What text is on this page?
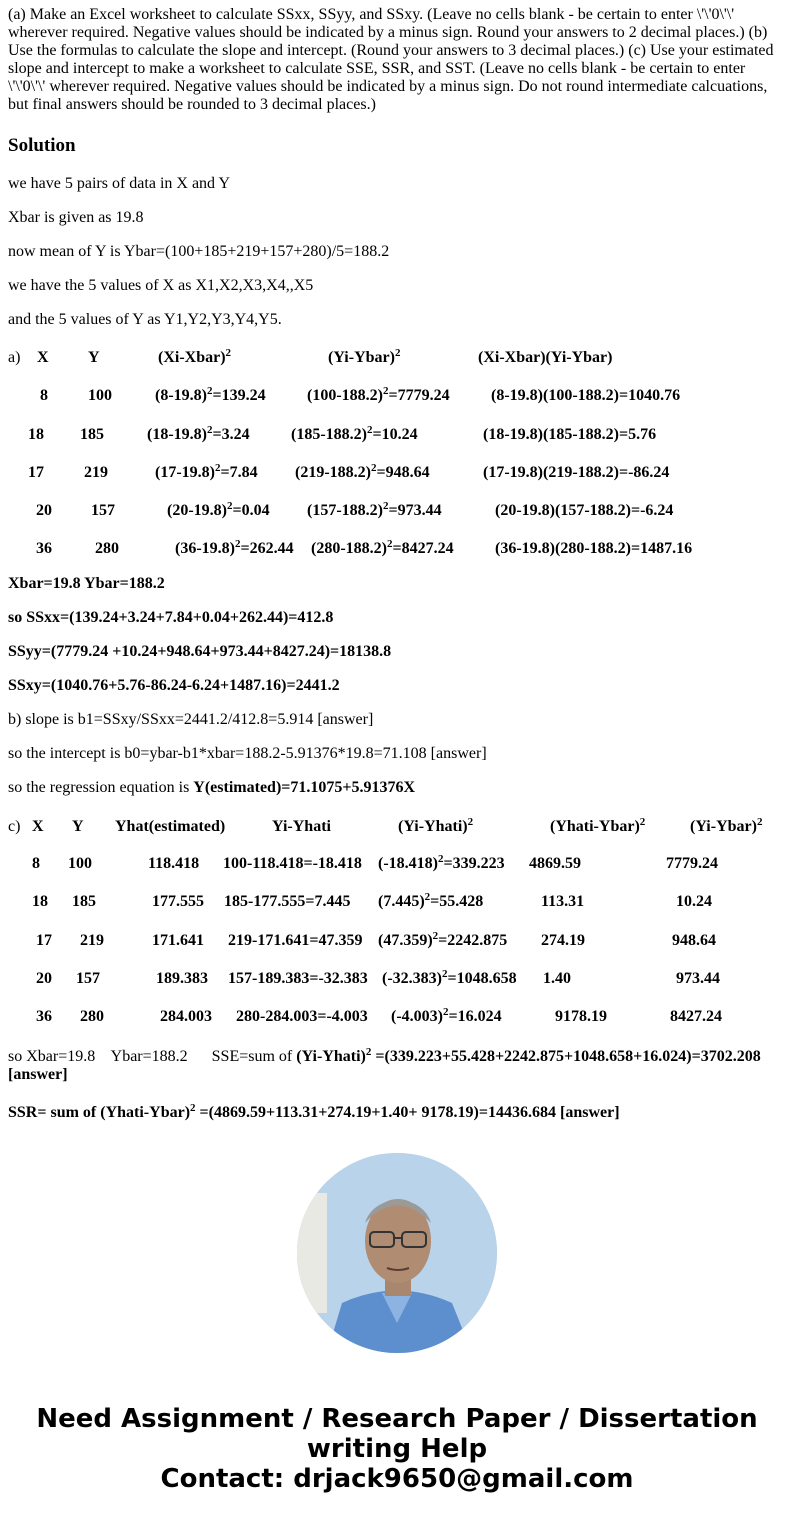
(a) Make an Excel worksheet to calculate SSxx, SSyy, and SSxy. (Leave no cells blank - be certain to enter \'\'0\'\' wherever required. Negative values should be indicated by a minus sign. Round your answers to 2 decimal places.) (b) Use the formulas to calculate the slope and intercept. (Round your answers to 3 decimal places.) (c) Use your estimated slope and intercept to make a worksheet to calculate SSE, SSR, and SST. (Leave no cells blank - be certain to enter \'\'0\'\' wherever required. Negative values should be indicated by a minus sign. Do not round intermediate calcuations, but final answers should be rounded to 3 decimal places.)

Solution

we have 5 pairs of data in X and Y

Xbar is given as 19.8

now mean of Y is Ybar=(100+185+219+157+280)/5=188.2

we have the 5 values of X as X1,X2,X3,X4,,X5

and the 5 values of Y as Y1,Y2,Y3,Y4,Y5.

a) X Y	(Xi-Xbar)$^2$	(Yi-Ybar)$^2$	(Xi-Xbar)(Yi-Ybar)
8	100	$(8-19.8)^2=139.24$	$(100-188.2)^2=7779.24$	(8-19.8)(100-188.2)=1040.76
18 185	$(18-19.8)^2=3.24$	$(185-188.2)^2=10.24$	(18-19.8)(185-188.2)=5.76
17	219	$(17-19.8)^2=7.84$ $(219-188.2)^2=948.64$	(17-19.8)(219-188.2)=-86.24
20 157	$(20-19.8)^2=0.04$ $(157-188.2)^2=973.44$	(20-19.8)(157-188.2)=-6.24
36	280	$(36-19.8)^2=262.44$ $(280-188.2)^2=8427.24$	(36-19.8)(280-188.2)=1487.16

Xbar=19.8 Ybar=188.2

so SSxx=(139.24+3.24+7.84+0.04+262.44)=412.8

SSyy=(7779.24 +10.24+948.64+973.44+8427.24)=18138.8

SSxy=(1040.76+5.76-86.24-6.24+1487.16)=2441.2

b) slope is b1=SSxy/SSxx=2441.2/412.8=5.914 [answer]

so the intercept is b0=ybar-b1*xbar=188.2-5.91376*19.8=71.108 [answer]

so the regression equation is Y(estimated)=71.1075+5.91376X

c) X Y Yhat(estimated)	Yi-Yhati	(Yi-Yhati)$^2$	(Yhati-Ybar)$^2$	(Yi-Ybar)$^2$
8 100	118.418 100-118.418=-18.418 $(-18.418)^2=339.223$ 4869.59	7779.24
18 185	177.555 185-177.555=7.445 $(7.445)^2=55.428$	113.31	10.24
17 219	171.641 219-171.641=47.359 $(47.359)^2=2242.875$ 274.19	948.64
20 157	189.383 157-189.383=-32.383 $(-32.383)^2=1048.658$ 1.40	973.44
36 280	284.003 280-284.003=-4.003 $(-4.003)^2=16.024$	9178.19	8427.24

so Xbar=19.8    Ybar=188.2      SSE=sum of (Yi-Yhati)$^2$ =(339.223+55.428+2242.875+1048.658+16.024)=3702.208 [answer]

SSR= sum of (Yhati-Ybar)$^2$ =(4869.59+113.31+274.19+1.40+ 9178.19)=14436.684 [answer]

Need Assignment / Research Paper / Dissertation
writing Help
Contact: drjack9650@gmail.com
